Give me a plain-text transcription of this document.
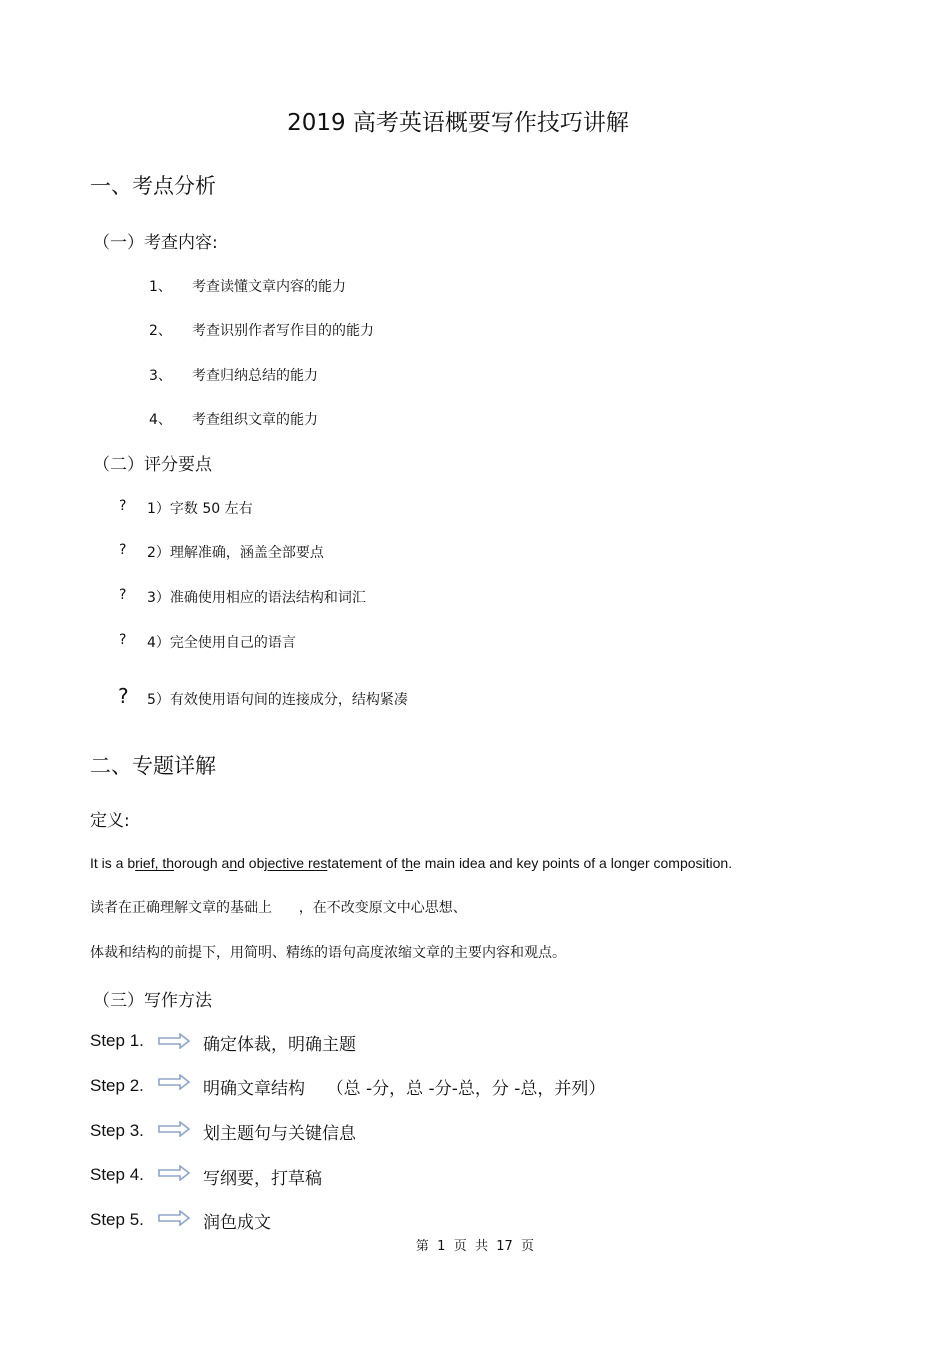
2019 高考英语概要写作技巧讲解
一、考点分析
（一）考查内容:
1、 考查读懂文章内容的能力
2、 考查识别作者写作目的的能力
3、 考查归纳总结的能力
4、 考查组织文章的能力
（二）评分要点
? 1）字数 50 左右
? 2）理解准确，涵盖全部要点
? 3）准确使用相应的语法结构和词汇
? 4）完全使用自己的语言
? 5）有效使用语句间的连接成分，结构紧凑
二、专题详解
定义:
It is a brief, thorough and objective restatement of the main idea and key points of a longer composition.
读者在正确理解文章的基础上      ，在不改变原文中心思想、
体裁和结构的前提下，用简明、精练的语句高度浓缩文章的主要内容和观点。
（三）写作方法
Step 1.	确定体裁，明确主题
Step 2.	明确文章结构    （总 -分，总 -分-总，分 -总，并列）
Step 3.	划主题句与关键信息
Step 4.	写纲要，打草稿
Step 5.	润色成文
第  1  页  共  17  页
